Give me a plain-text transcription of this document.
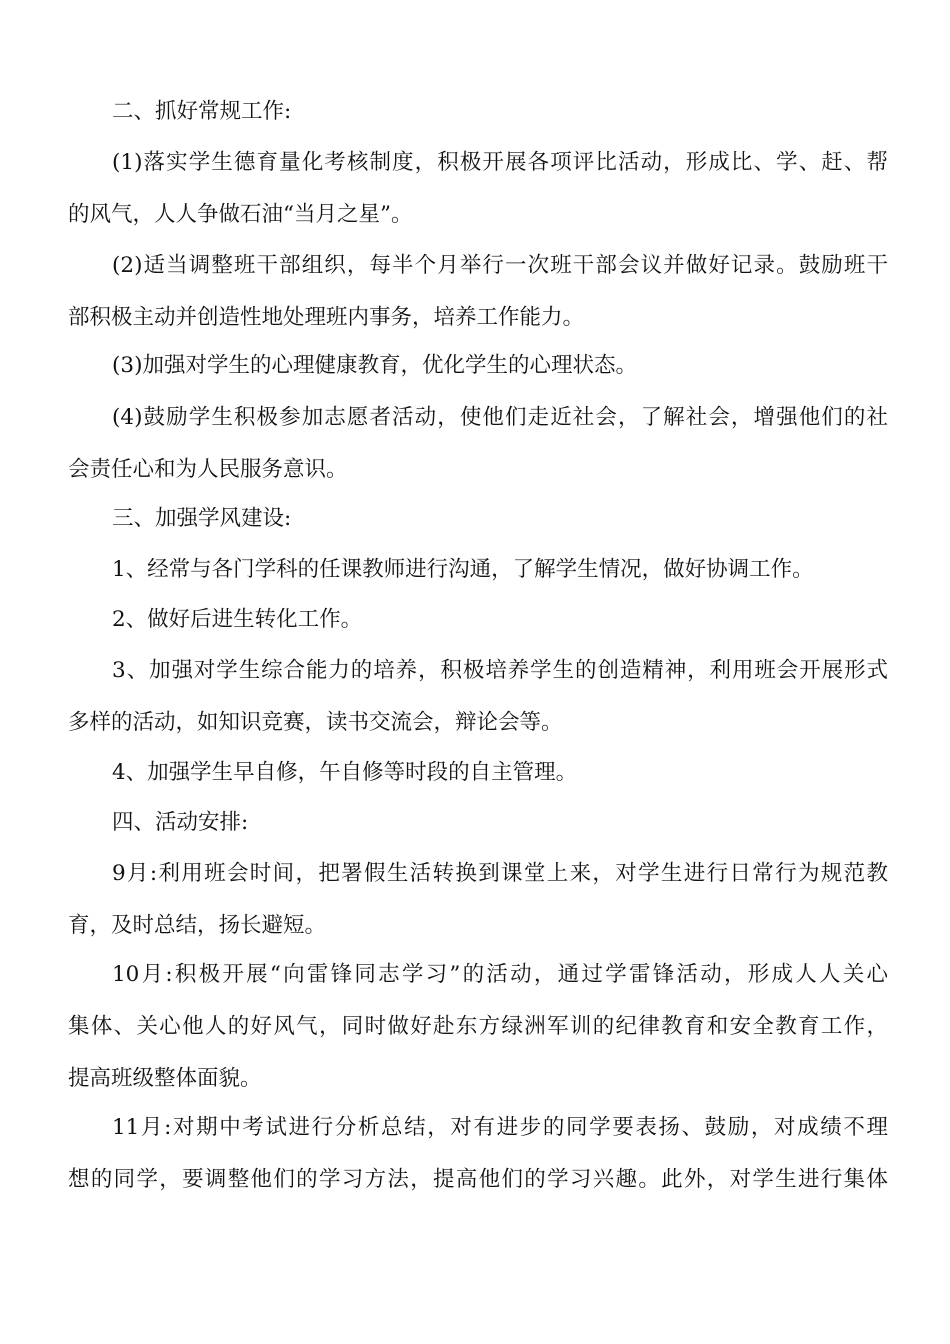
二、抓好常规工作:
(1)落实学生德育量化考核制度，积极开展各项评比活动，形成比、学、赶、帮
的风气，人人争做石油“当月之星”。
(2)适当调整班干部组织，每半个月举行一次班干部会议并做好记录。鼓励班干
部积极主动并创造性地处理班内事务，培养工作能力。
(3)加强对学生的心理健康教育，优化学生的心理状态。
(4)鼓励学生积极参加志愿者活动，使他们走近社会，了解社会，增强他们的社
会责任心和为人民服务意识。
三、加强学风建设:
1、经常与各门学科的任课教师进行沟通，了解学生情况，做好协调工作。
2、做好后进生转化工作。
3、加强对学生综合能力的培养，积极培养学生的创造精神，利用班会开展形式
多样的活动，如知识竞赛，读书交流会，辩论会等。
4、加强学生早自修，午自修等时段的自主管理。
四、活动安排:
9月:利用班会时间，把署假生活转换到课堂上来，对学生进行日常行为规范教
育，及时总结，扬长避短。
10月:积极开展“向雷锋同志学习”的活动，通过学雷锋活动，形成人人关心
集体、关心他人的好风气，同时做好赴东方绿洲军训的纪律教育和安全教育工作，
提高班级整体面貌。
11月:对期中考试进行分析总结，对有进步的同学要表扬、鼓励，对成绩不理
想的同学，要调整他们的学习方法，提高他们的学习兴趣。此外，对学生进行集体
